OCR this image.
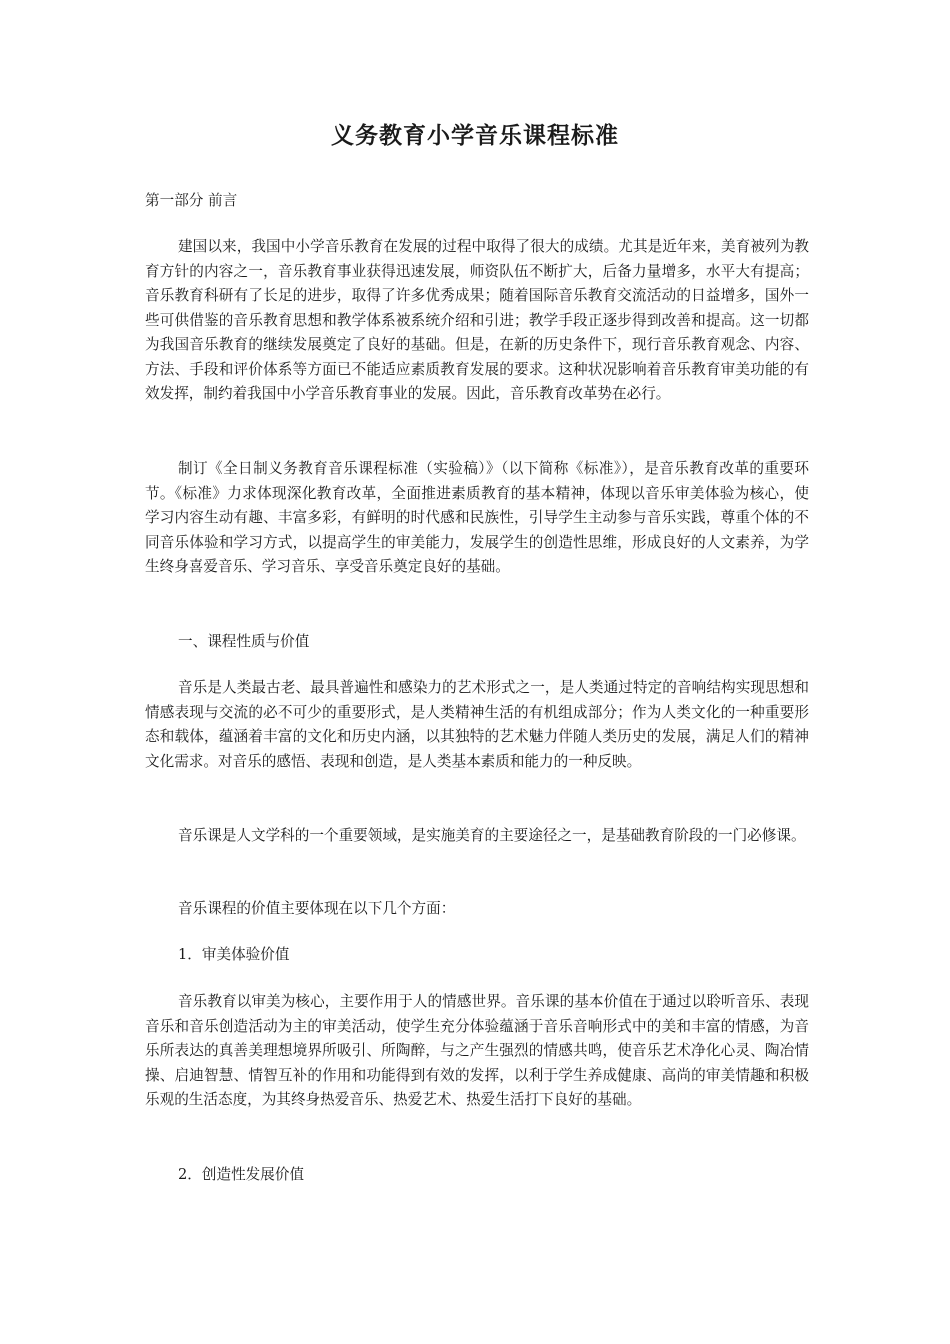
义务教育小学音乐课程标准

第一部分 前言

建国以来，我国中小学音乐教育在发展的过程中取得了很大的成绩。尤其是近年来，美育被列为教育方针的内容之一，音乐教育事业获得迅速发展，师资队伍不断扩大，后备力量增多，水平大有提高；音乐教育科研有了长足的进步，取得了许多优秀成果；随着国际音乐教育交流活动的日益增多，国外一些可供借鉴的音乐教育思想和教学体系被系统介绍和引进；教学手段正逐步得到改善和提高。这一切都为我国音乐教育的继续发展奠定了良好的基础。但是，在新的历史条件下，现行音乐教育观念、内容、方法、手段和评价体系等方面已不能适应素质教育发展的要求。这种状况影响着音乐教育审美功能的有效发挥，制约着我国中小学音乐教育事业的发展。因此，音乐教育改革势在必行。

制订《全日制义务教育音乐课程标准（实验稿）》（以下简称《标准》），是音乐教育改革的重要环节。《标准》力求体现深化教育改革，全面推进素质教育的基本精神，体现以音乐审美体验为核心，使学习内容生动有趣、丰富多彩，有鲜明的时代感和民族性，引导学生主动参与音乐实践，尊重个体的不同音乐体验和学习方式，以提高学生的审美能力，发展学生的创造性思维，形成良好的人文素养，为学生终身喜爱音乐、学习音乐、享受音乐奠定良好的基础。

一、课程性质与价值

音乐是人类最古老、最具普遍性和感染力的艺术形式之一，是人类通过特定的音响结构实现思想和情感表现与交流的必不可少的重要形式，是人类精神生活的有机组成部分；作为人类文化的一种重要形态和载体，蕴涵着丰富的文化和历史内涵，以其独特的艺术魅力伴随人类历史的发展，满足人们的精神文化需求。对音乐的感悟、表现和创造，是人类基本素质和能力的一种反映。

音乐课是人文学科的一个重要领域，是实施美育的主要途径之一，是基础教育阶段的一门必修课。

音乐课程的价值主要体现在以下几个方面：

1．审美体验价值

音乐教育以审美为核心，主要作用于人的情感世界。音乐课的基本价值在于通过以聆听音乐、表现音乐和音乐创造活动为主的审美活动，使学生充分体验蕴涵于音乐音响形式中的美和丰富的情感，为音乐所表达的真善美理想境界所吸引、所陶醉，与之产生强烈的情感共鸣，使音乐艺术净化心灵、陶冶情操、启迪智慧、情智互补的作用和功能得到有效的发挥，以利于学生养成健康、高尚的审美情趣和积极乐观的生活态度，为其终身热爱音乐、热爱艺术、热爱生活打下良好的基础。

2．创造性发展价值
